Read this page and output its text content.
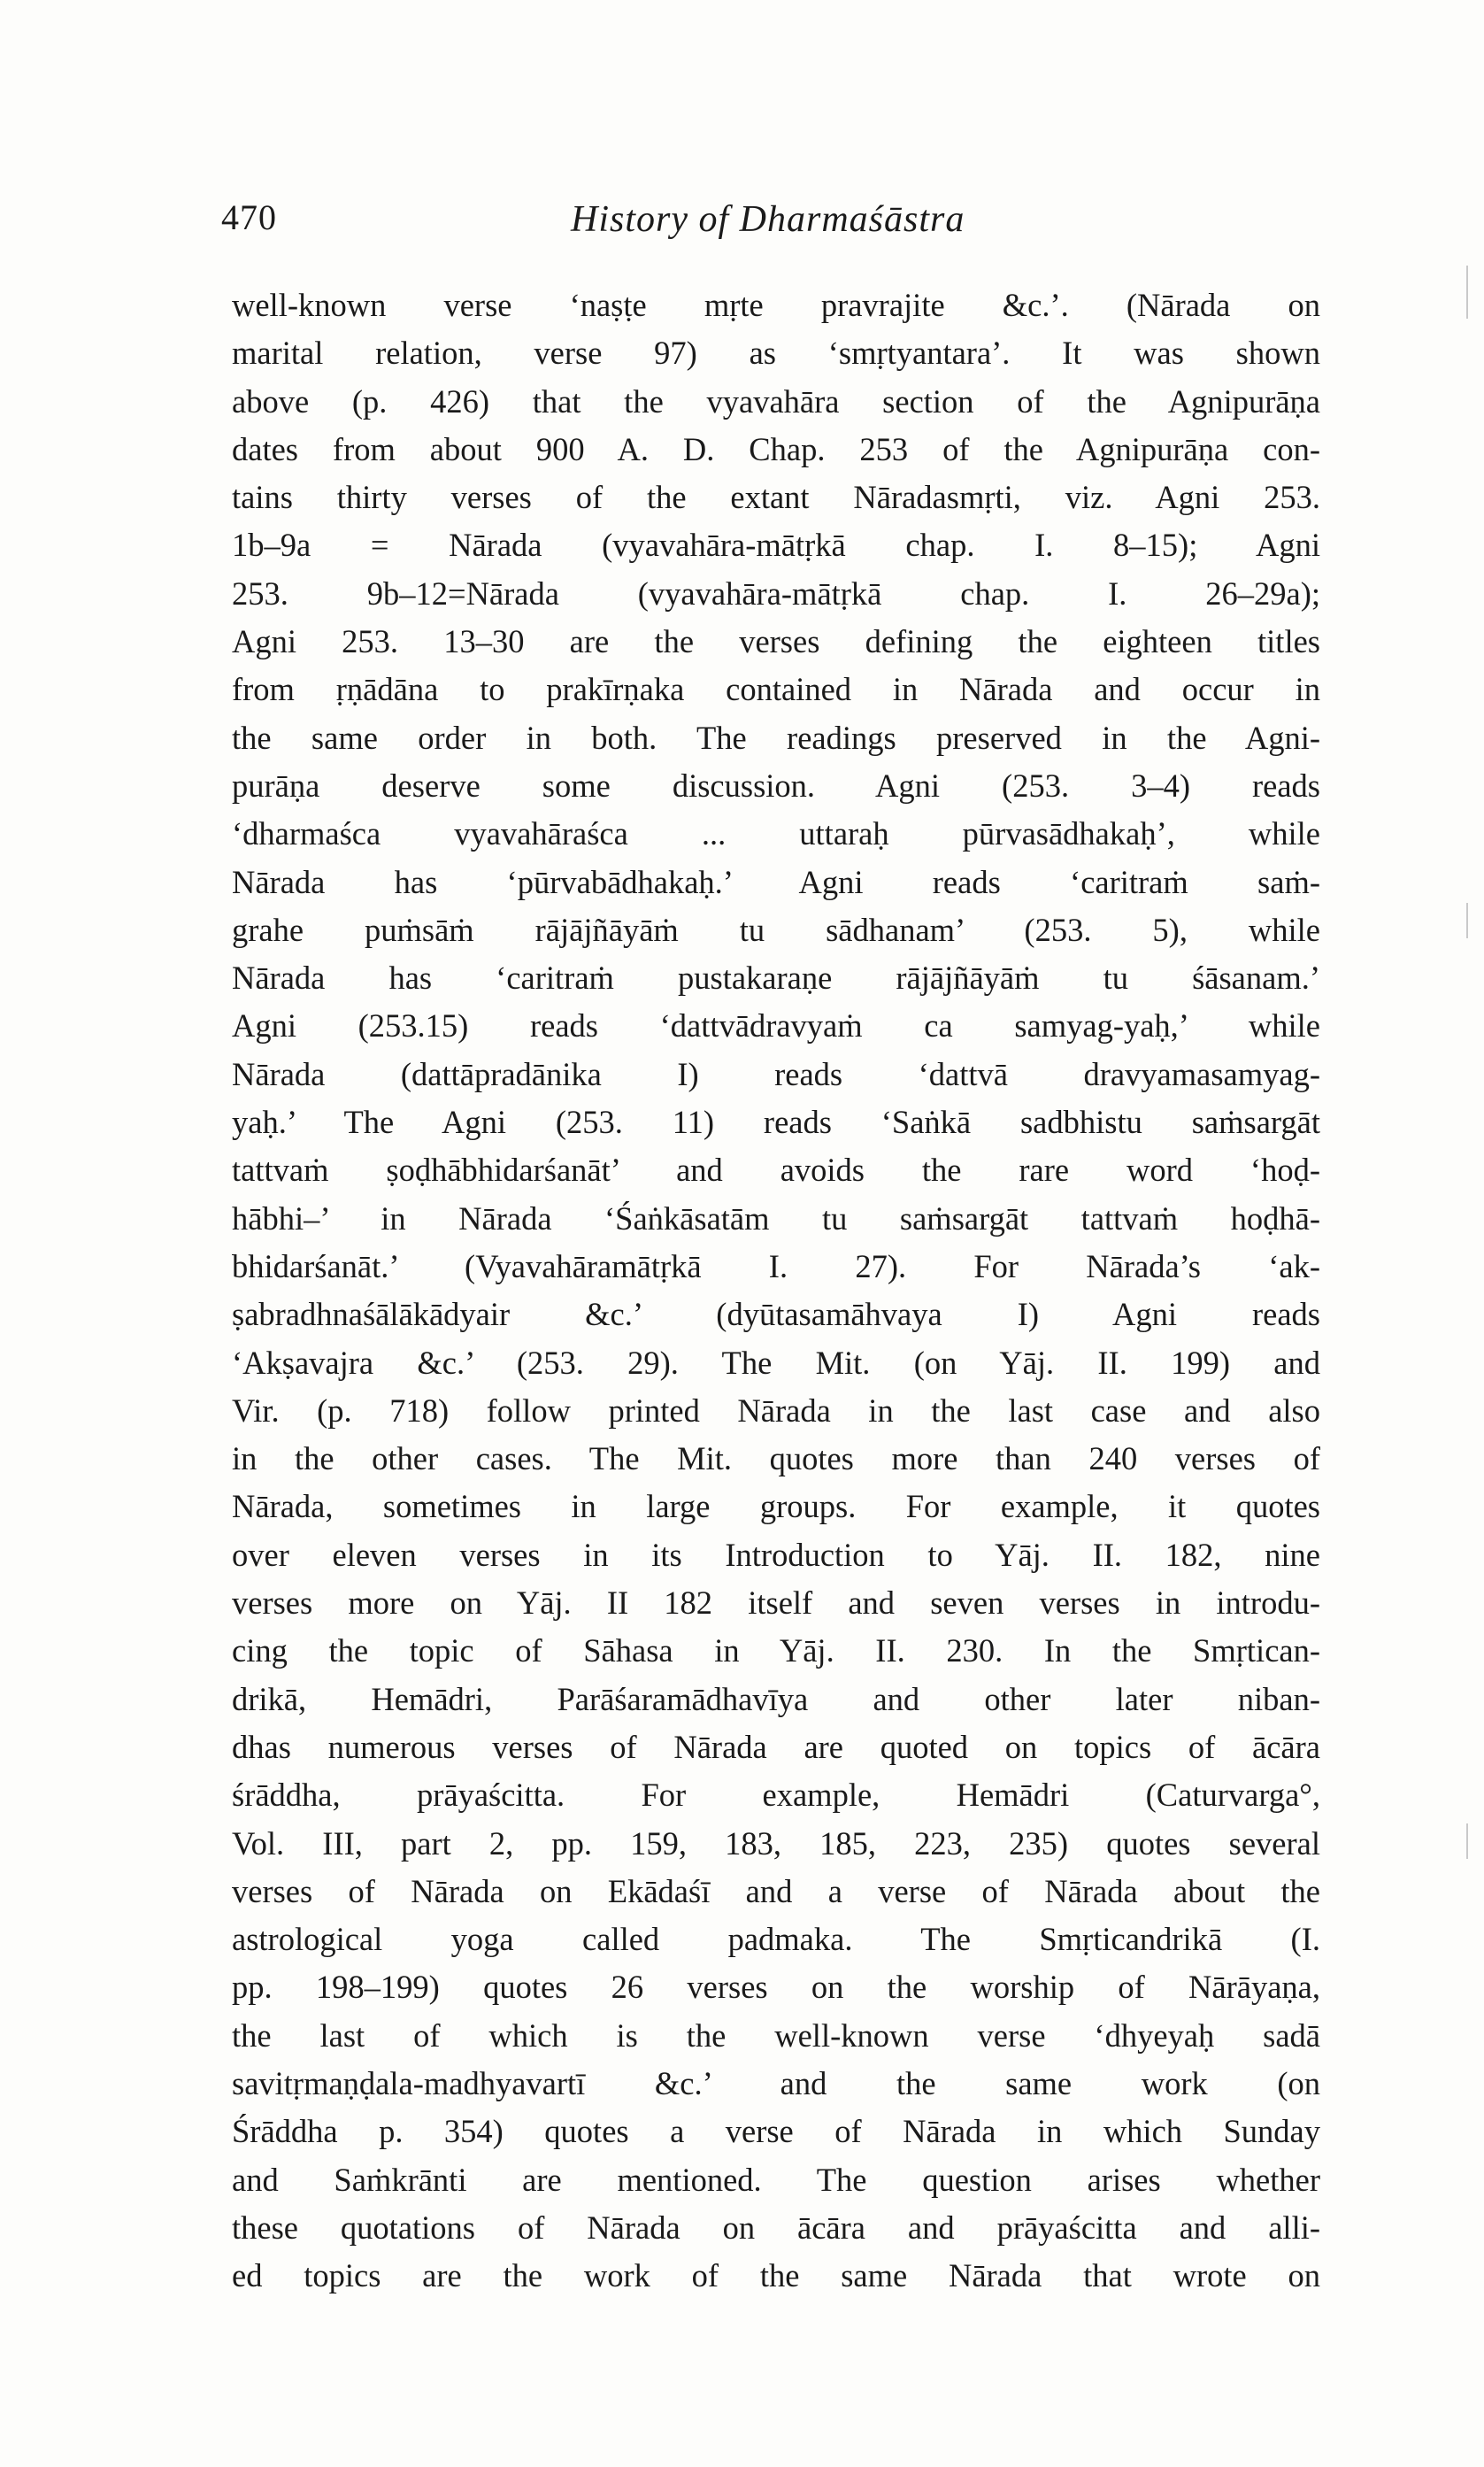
470	History of Dharmaśāstra
well-known verse ‘naṣṭe mṛte pravrajite &c.’. (Nārada on
marital relation, verse 97) as ‘smṛtyantara’. It was shown
above (p. 426) that the vyavahāra section of the Agnipurāṇa
dates from about 900 A. D. Chap. 253 of the Agnipurāṇa con-
tains thirty verses of the extant Nāradasmṛti, viz. Agni 253.
1b–9a = Nārada (vyavahāra-mātṛkā chap. I. 8–15); Agni
253. 9b–12=Nārada (vyavahāra-mātṛkā chap. I. 26–29a);
Agni 253. 13–30 are the verses defining the eighteen titles
from ṛṇādāna to prakīrṇaka contained in Nārada and occur in
the same order in both. The readings preserved in the Agni-
purāṇa deserve some discussion. Agni (253. 3–4) reads
‘dharmaśca vyavahāraśca ... uttaraḥ pūrvasādhakaḥ’, while
Nārada has ‘pūrvabādhakaḥ.’ Agni reads ‘caritraṁ saṁ-
grahe puṁsāṁ rājājñāyāṁ tu sādhanam’ (253. 5), while
Nārada has ‘caritraṁ pustakaraṇe rājājñāyāṁ tu śāsanam.’
Agni (253.15) reads ‘dattvādravyaṁ ca samyag-yaḥ,’ while
Nārada (dattāpradānika I) reads ‘dattvā dravyamasamyag-
yaḥ.’ The Agni (253. 11) reads ‘Saṅkā sadbhistu saṁsargāt
tattvaṁ ṣoḍhābhidarśanāt’ and avoids the rare word ‘hoḍ-
hābhi–’ in Nārada ‘Śaṅkāsatām tu saṁsargāt tattvaṁ hoḍhā-
bhidarśanāt.’ (Vyavahāramātṛkā I. 27). For Nārada’s ‘ak-
ṣabradhnaśālākādyair &c.’ (dyūtasamāhvaya I) Agni reads
‘Akṣavajra &c.’ (253. 29). The Mit. (on Yāj. II. 199) and
Vir. (p. 718) follow printed Nārada in the last case and also
in the other cases. The Mit. quotes more than 240 verses of
Nārada, sometimes in large groups. For example, it quotes
over eleven verses in its Introduction to Yāj. II. 182, nine
verses more on Yāj. II 182 itself and seven verses in introdu-
cing the topic of Sāhasa in Yāj. II. 230. In the Smṛtican-
drikā, Hemādri, Parāśaramādhavīya and other later niban-
dhas numerous verses of Nārada are quoted on topics of ācāra
śrāddha, prāyaścitta. For example, Hemādri (Caturvarga°,
Vol. III, part 2, pp. 159, 183, 185, 223, 235) quotes several
verses of Nārada on Ekādaśī and a verse of Nārada about the
astrological yoga called padmaka. The Smṛticandrikā (I.
pp. 198–199) quotes 26 verses on the worship of Nārāyaṇa,
the last of which is the well-known verse ‘dhyeyaḥ sadā
savitṛmaṇḍala-madhyavartī &c.’ and the same work (on
Śrāddha p. 354) quotes a verse of Nārada in which Sunday
and Saṁkrānti are mentioned. The question arises whether
these quotations of Nārada on ācāra and prāyaścitta and alli-
ed topics are the work of the same Nārada that wrote on
